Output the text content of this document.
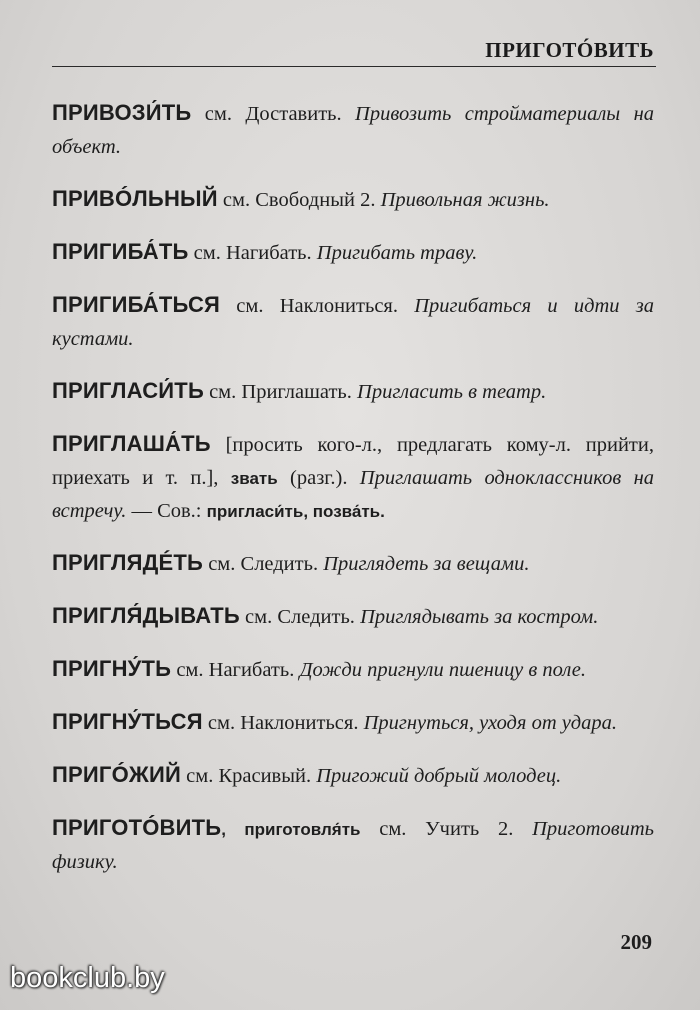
ПРИГОТÓВИТЬ

ПРИВОЗИ́ТЬ см. Доставить. Привозить стройматериалы на объект.

ПРИВÓЛЬНЫЙ см. Свободный 2. Привольная жизнь.

ПРИГИБА́ТЬ см. Нагибать. Пригибать траву.

ПРИГИБА́ТЬСЯ см. Наклониться. Пригибаться и идти за кустами.

ПРИГЛАСИ́ТЬ см. Приглашать. Пригласить в театр.

ПРИГЛАША́ТЬ [просить кого-л., предлагать кому-л. прийти, приехать и т. п.], звать (разг.). Приглашать одноклассников на встречу. — Сов.: пригласи́ть, позва́ть.

ПРИГЛЯДÉТЬ см. Следить. Приглядеть за вещами.

ПРИГЛЯ́ДЫВАТЬ см. Следить. Приглядывать за костром.

ПРИГНУ́ТЬ см. Нагибать. Дожди пригнули пшеницу в поле.

ПРИГНУ́ТЬСЯ см. Наклониться. Пригнуться, уходя от удара.

ПРИГÓЖИЙ см. Красивый. Пригожий добрый молодец.

ПРИГОТÓВИТЬ, приготовля́ть см. Учить 2. Приготовить физику.

209
bookclub.by
